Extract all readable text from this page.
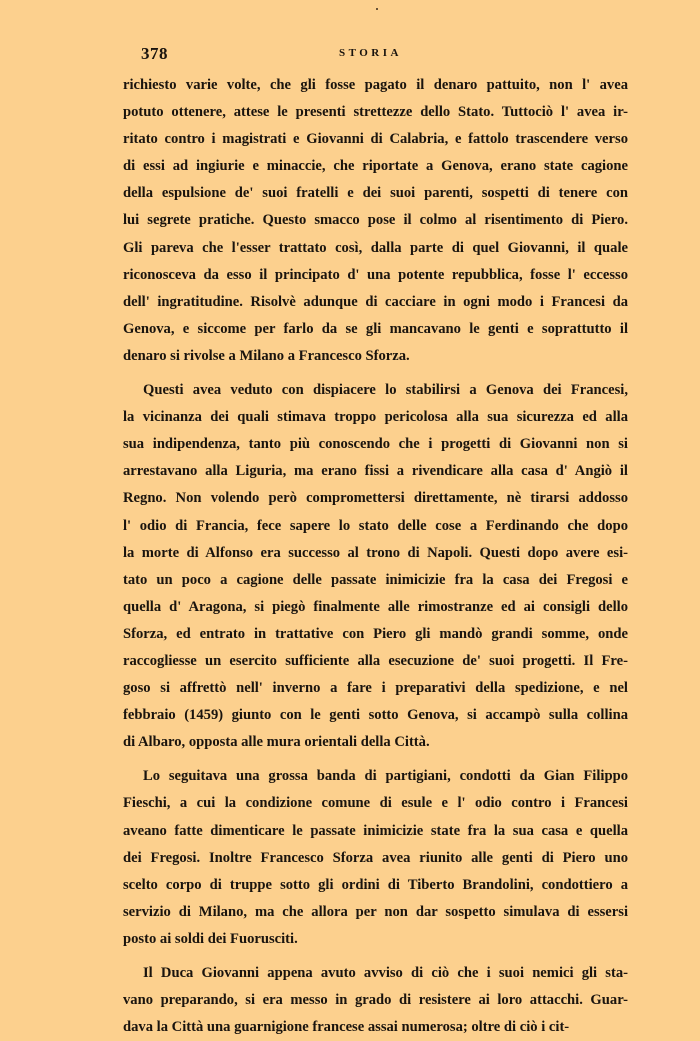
378	STORIA
richiesto varie volte, che gli fosse pagato il denaro pattuito, non l' avea
potuto ottenere, attese le presenti strettezze dello Stato. Tuttociò l' avea ir-
ritato contro i magistrati e Giovanni di Calabria, e fattolo trascendere verso
di essi ad ingiurie e minaccie, che riportate a Genova, erano state cagione
della espulsione de' suoi fratelli e dei suoi parenti, sospetti di tenere con
lui segrete pratiche. Questo smacco pose il colmo al risentimento di Piero.
Gli pareva che l'esser trattato così, dalla parte di quel Giovanni, il quale
riconosceva da esso il principato d' una potente repubblica, fosse l' eccesso
dell' ingratitudine. Risolvè adunque di cacciare in ogni modo i Francesi da
Genova, e siccome per farlo da se gli mancavano le genti e soprattutto il
denaro si rivolse a Milano a Francesco Sforza.
Questi avea veduto con dispiacere lo stabilirsi a Genova dei Francesi,
la vicinanza dei quali stimava troppo pericolosa alla sua sicurezza ed alla
sua indipendenza, tanto più conoscendo che i progetti di Giovanni non si
arrestavano alla Liguria, ma erano fissi a rivendicare alla casa d' Angiò il
Regno. Non volendo però compromettersi direttamente, nè tirarsi addosso
l' odio di Francia, fece sapere lo stato delle cose a Ferdinando che dopo
la morte di Alfonso era successo al trono di Napoli. Questi dopo avere esi-
tato un poco a cagione delle passate inimicizie fra la casa dei Fregosi e
quella d' Aragona, si piegò finalmente alle rimostranze ed ai consigli dello
Sforza, ed entrato in trattative con Piero gli mandò grandi somme, onde
raccogliesse un esercito sufficiente alla esecuzione de' suoi progetti. Il Fre-
goso si affrettò nell' inverno a fare i preparativi della spedizione, e nel
febbraio (1459) giunto con le genti sotto Genova, si accampò sulla collina
di Albaro, opposta alle mura orientali della Città.
Lo seguitava una grossa banda di partigiani, condotti da Gian Filippo
Fieschi, a cui la condizione comune di esule e l' odio contro i Francesi
aveano fatte dimenticare le passate inimicizie state fra la sua casa e quella
dei Fregosi. Inoltre Francesco Sforza avea riunito alle genti di Piero uno
scelto corpo di truppe sotto gli ordini di Tiberto Brandolini, condottiero a
servizio di Milano, ma che allora per non dar sospetto simulava di essersi
posto ai soldi dei Fuorusciti.
Il Duca Giovanni appena avuto avviso di ciò che i suoi nemici gli sta-
vano preparando, si era messo in grado di resistere ai loro attacchi. Guar-
dava la Città una guarnigione francese assai numerosa; oltre di ciò i cit-
